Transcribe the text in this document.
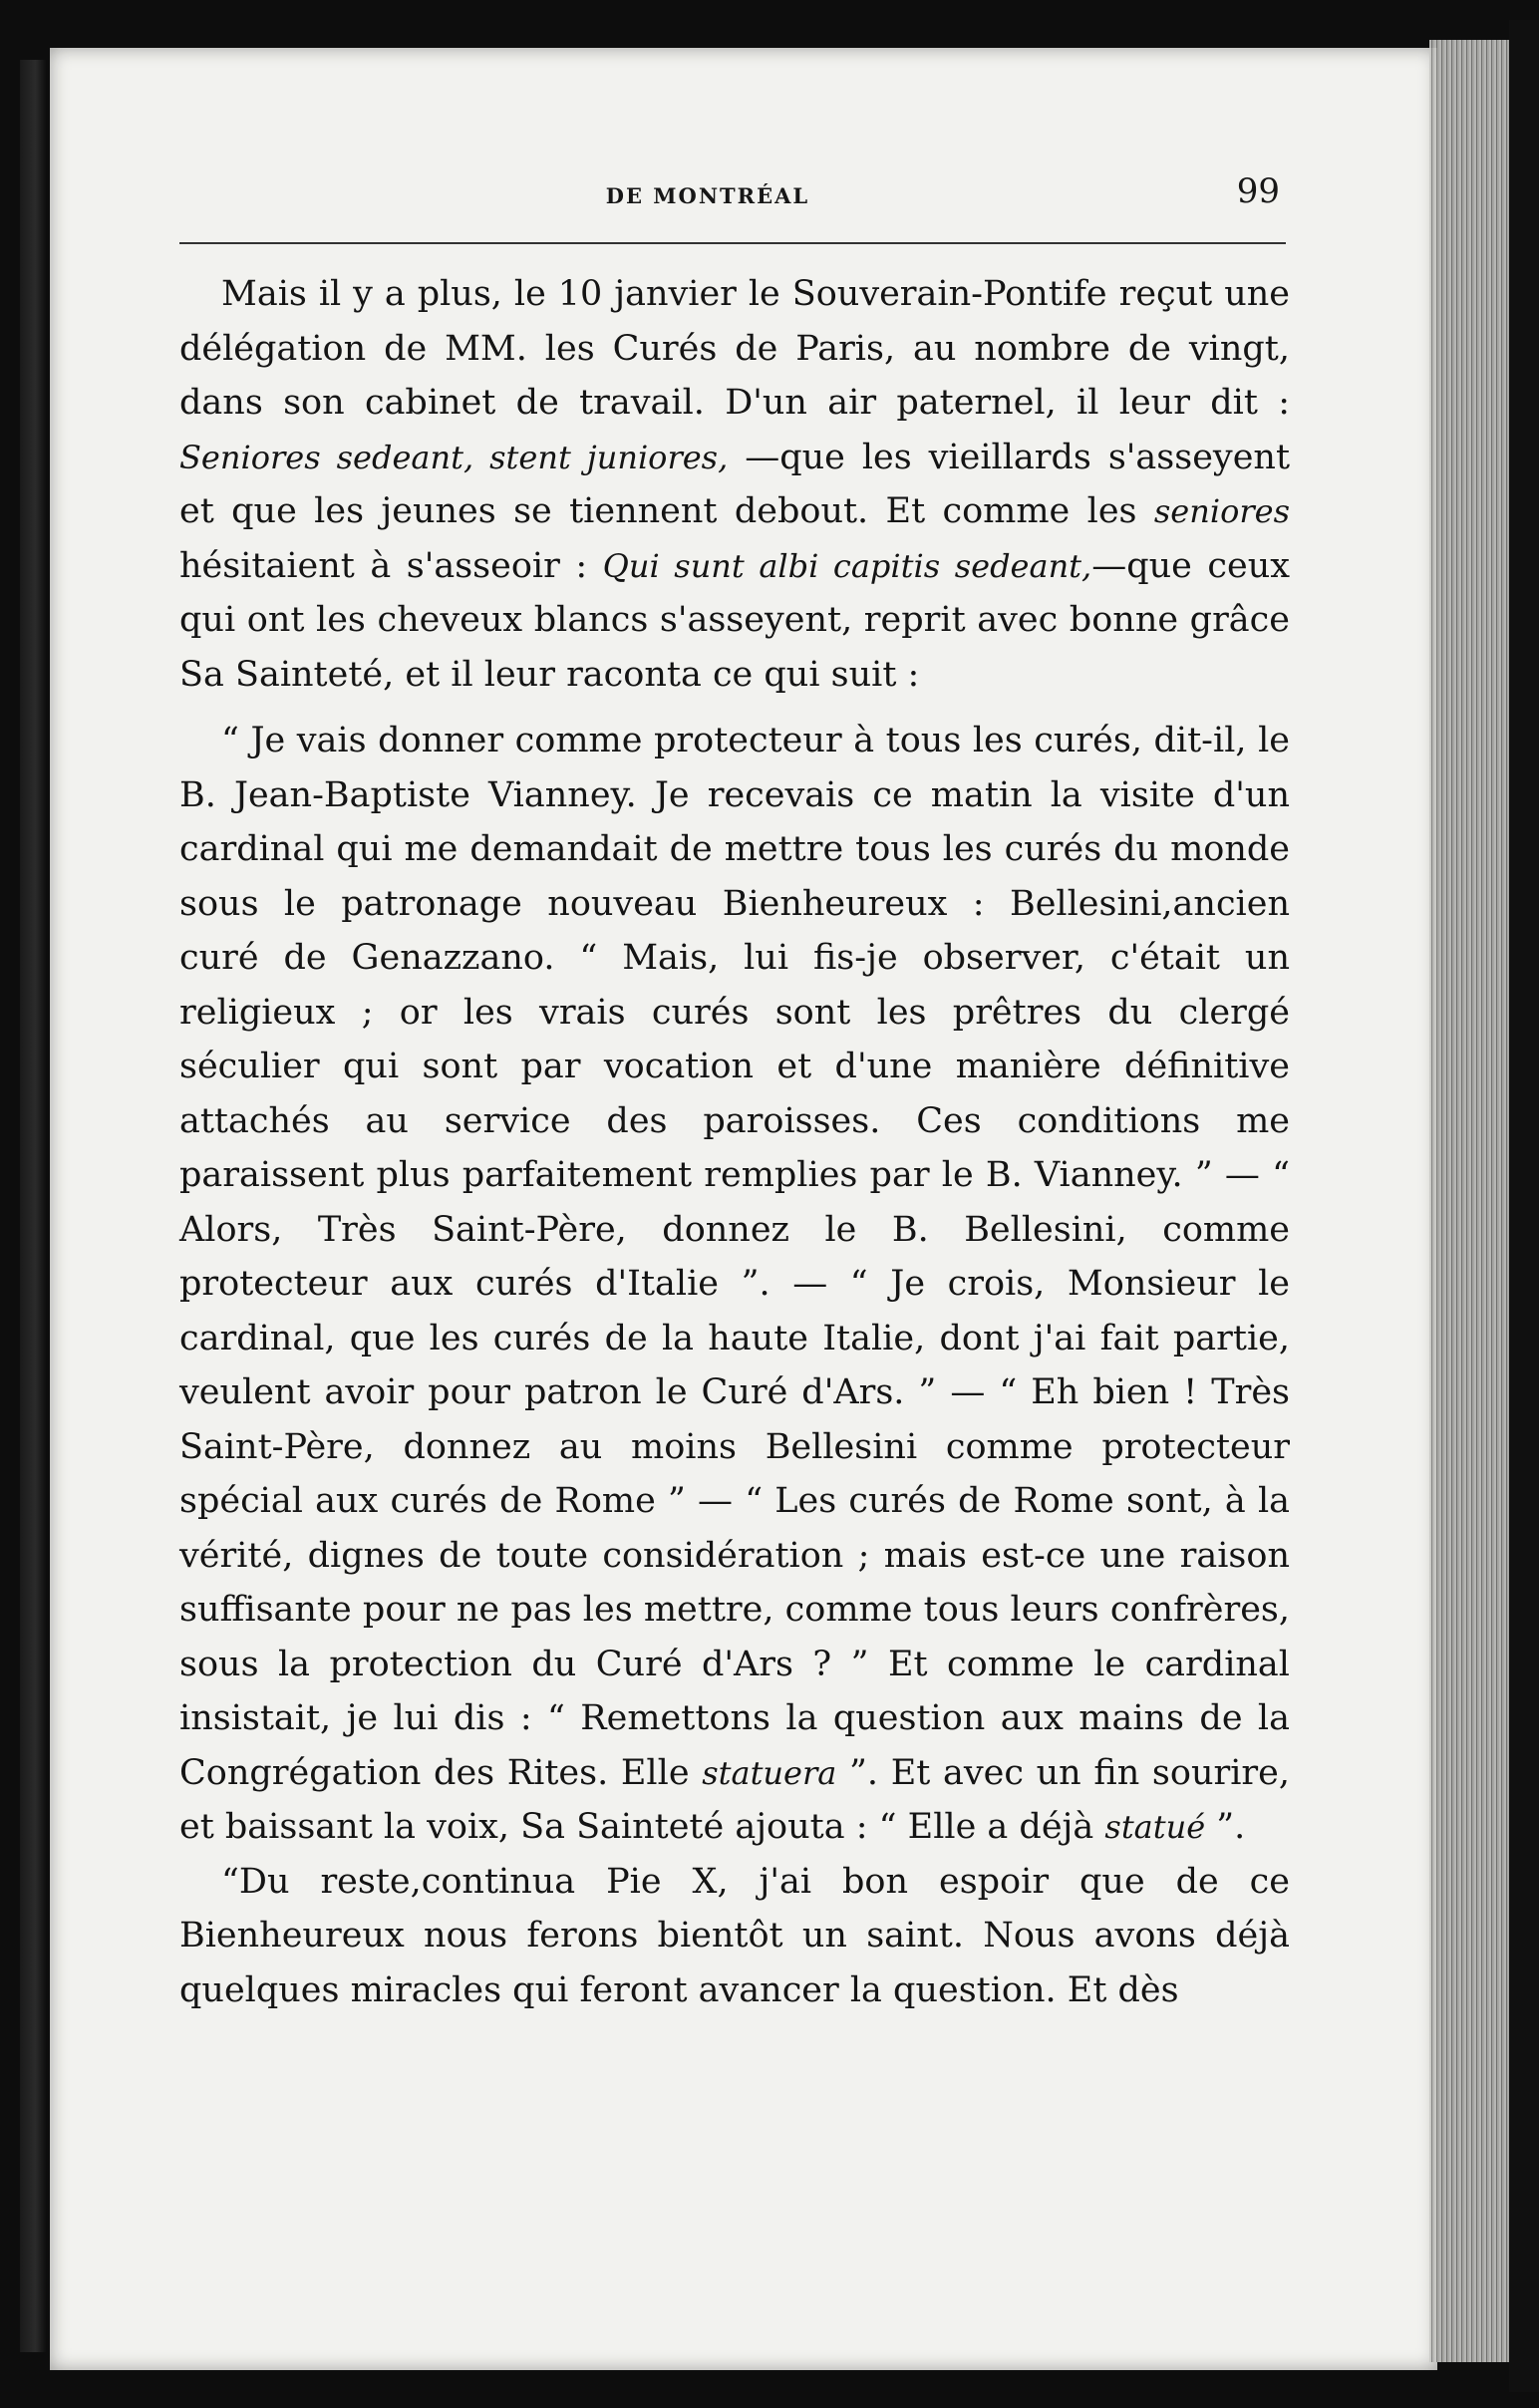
DE MONTRÉAL	99

Mais il y a plus, le 10 janvier le Souverain-Pontife reçut une délégation de MM. les Curés de Paris, au nombre de vingt, dans son cabinet de travail. D'un air paternel, il leur dit : Seniores sedeant, stent juniores, —que les vieillards s'asseyent et que les jeunes se tiennent debout. Et comme les seniores hésitaient à s'asseoir : Qui sunt albi capitis sedeant,—que ceux qui ont les cheveux blancs s'asseyent, reprit avec bonne grâce Sa Sainteté, et il leur raconta ce qui suit :

“ Je vais donner comme protecteur à tous les curés, dit-il, le B. Jean-Baptiste Vianney. Je recevais ce matin la visite d'un cardinal qui me demandait de mettre tous les curés du monde sous le patronage nouveau Bienheureux : Bellesini,ancien curé de Genazzano. “ Mais, lui fis-je observer, c'était un religieux ; or les vrais curés sont les prêtres du clergé séculier qui sont par vocation et d'une manière définitive attachés au service des paroisses. Ces conditions me paraissent plus parfaitement remplies par le B. Vianney. ” — “ Alors, Très Saint-Père, donnez le B. Bellesini, comme protecteur aux curés d'Italie ”. — “ Je crois, Monsieur le cardinal, que les curés de la haute Italie, dont j'ai fait partie, veulent avoir pour patron le Curé d'Ars. ” — “ Eh bien ! Très Saint-Père, donnez au moins Bellesini comme protecteur spécial aux curés de Rome ” — “ Les curés de Rome sont, à la vérité, dignes de toute considération ; mais est-ce une raison suffisante pour ne pas les mettre, comme tous leurs confrères, sous la protection du Curé d'Ars ? ” Et comme le cardinal insistait, je lui dis : “ Remettons la question aux mains de la Congrégation des Rites. Elle statuera ”. Et avec un fin sourire, et baissant la voix, Sa Sainteté ajouta : “ Elle a déjà statué ”.

“Du reste,continua Pie X, j'ai bon espoir que de ce Bienheureux nous ferons bientôt un saint. Nous avons déjà quelques miracles qui feront avancer la question. Et dès
